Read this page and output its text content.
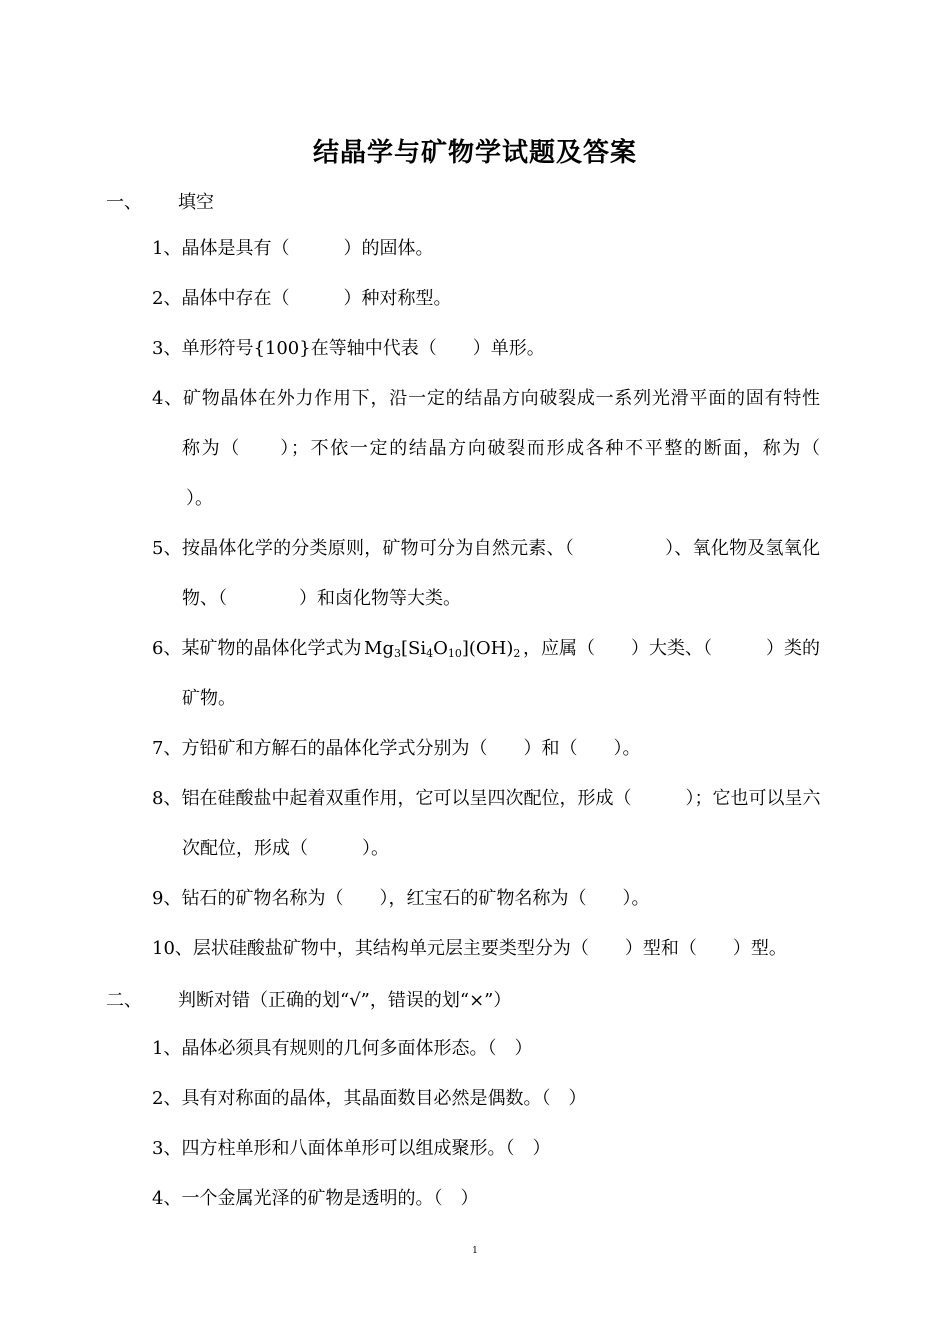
结晶学与矿物学试题及答案
一、 填空
1、晶体是具有（　　　）的固体。
2、晶体中存在（　　　）种对称型。
3、单形符号{100}在等轴中代表（　　）单形。
4、矿物晶体在外力作用下，沿一定的结晶方向破裂成一系列光滑平面的固有特性
称为（　　）；不依一定的结晶方向破裂而形成各种不平整的断面，称为（
）。
5、按晶体化学的分类原则，矿物可分为自然元素、（　　　　　）、氧化物及氢氧化
物、（　　　　）和卤化物等大类。
6、某矿物的晶体化学式为 $Mg_3[Si_4O_{10}](OH)_2$ ，应属（　　）大类、（　　　）类的
矿物。
7、方铅矿和方解石的晶体化学式分别为（　　）和（　　）。
8、铝在硅酸盐中起着双重作用，它可以呈四次配位，形成（　　　）；它也可以呈六
次配位，形成（　　　）。
9、钻石的矿物名称为（　　），红宝石的矿物名称为（　　）。
10、层状硅酸盐矿物中，其结构单元层主要类型分为（　　）型和（　　）型。
二、 判断对错（正确的划“√”，错误的划“×”）
1、晶体必须具有规则的几何多面体形态。（　）
2、具有对称面的晶体，其晶面数目必然是偶数。（　）
3、四方柱单形和八面体单形可以组成聚形。（　）
4、一个金属光泽的矿物是透明的。（　）
1
